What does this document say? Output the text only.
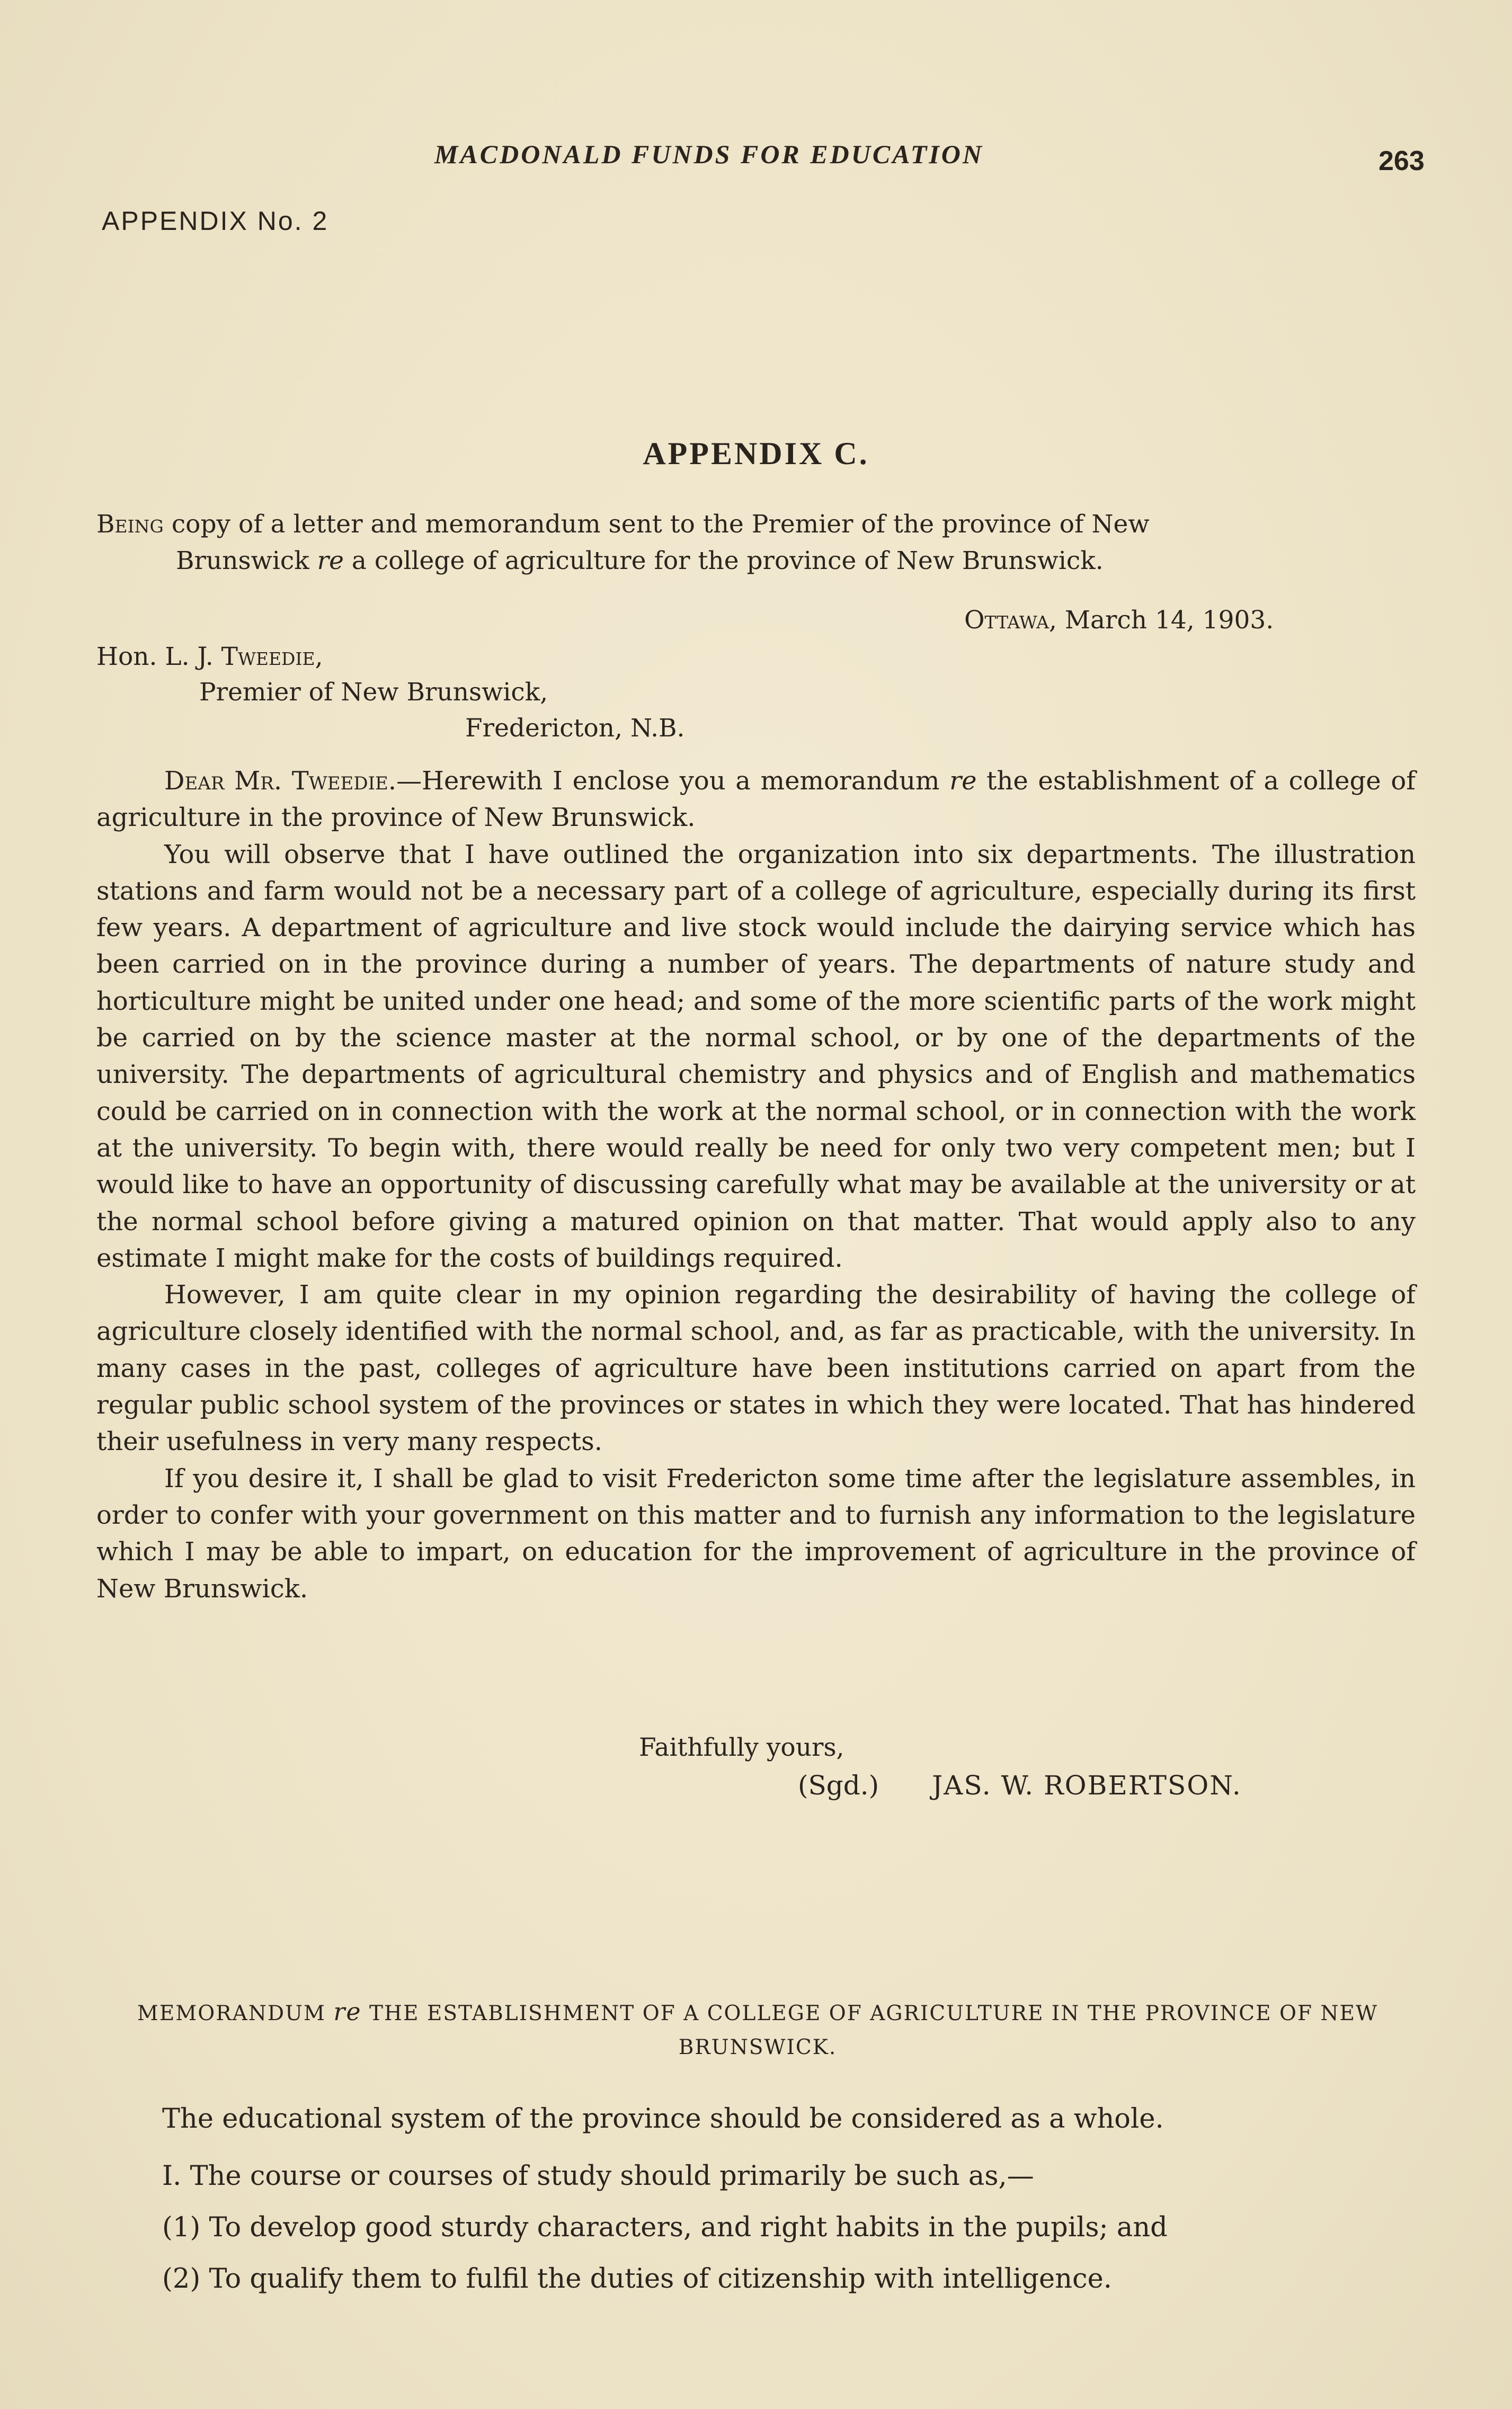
MACDONALD FUNDS FOR EDUCATION	263
APPENDIX No. 2
APPENDIX C.
Being copy of a letter and memorandum sent to the Premier of the province of New
Brunswick re a college of agriculture for the province of New Brunswick.
Ottawa, March 14, 1903.
Hon. L. J. Tweedie,
Premier of New Brunswick,
Fredericton, N.B.

Dear Mr. Tweedie.—Herewith I enclose you a memorandum re the establishment of a college of agriculture in the province of New Brunswick.

You will observe that I have outlined the organization into six departments. The illustration stations and farm would not be a necessary part of a college of agriculture, especially during its first few years. A department of agriculture and live stock would include the dairying service which has been carried on in the province during a number of years. The departments of nature study and horticulture might be united under one head; and some of the more scientific parts of the work might be carried on by the science master at the normal school, or by one of the departments of the university. The departments of agricultural chemistry and physics and of English and mathematics could be carried on in connection with the work at the normal school, or in connection with the work at the university. To begin with, there would really be need for only two very competent men; but I would like to have an opportunity of discussing carefully what may be available at the university or at the normal school before giving a matured opinion on that matter. That would apply also to any estimate I might make for the costs of buildings required.

However, I am quite clear in my opinion regarding the desirability of having the college of agriculture closely identified with the normal school, and, as far as practicable, with the university. In many cases in the past, colleges of agriculture have been institutions carried on apart from the regular public school system of the provinces or states in which they were located. That has hindered their usefulness in very many respects.

If you desire it, I shall be glad to visit Fredericton some time after the legislature assembles, in order to confer with your government on this matter and to furnish any information to the legislature which I may be able to impart, on education for the improvement of agriculture in the province of New Brunswick.

Faithfully yours,
(Sgd.) JAS. W. ROBERTSON.
MEMORANDUM re THE ESTABLISHMENT OF A COLLEGE OF AGRICULTURE IN THE PROVINCE OF NEW BRUNSWICK.
The educational system of the province should be considered as a whole.
I. The course or courses of study should primarily be such as,—
(1) To develop good sturdy characters, and right habits in the pupils; and
(2) To qualify them to fulfil the duties of citizenship with intelligence.
